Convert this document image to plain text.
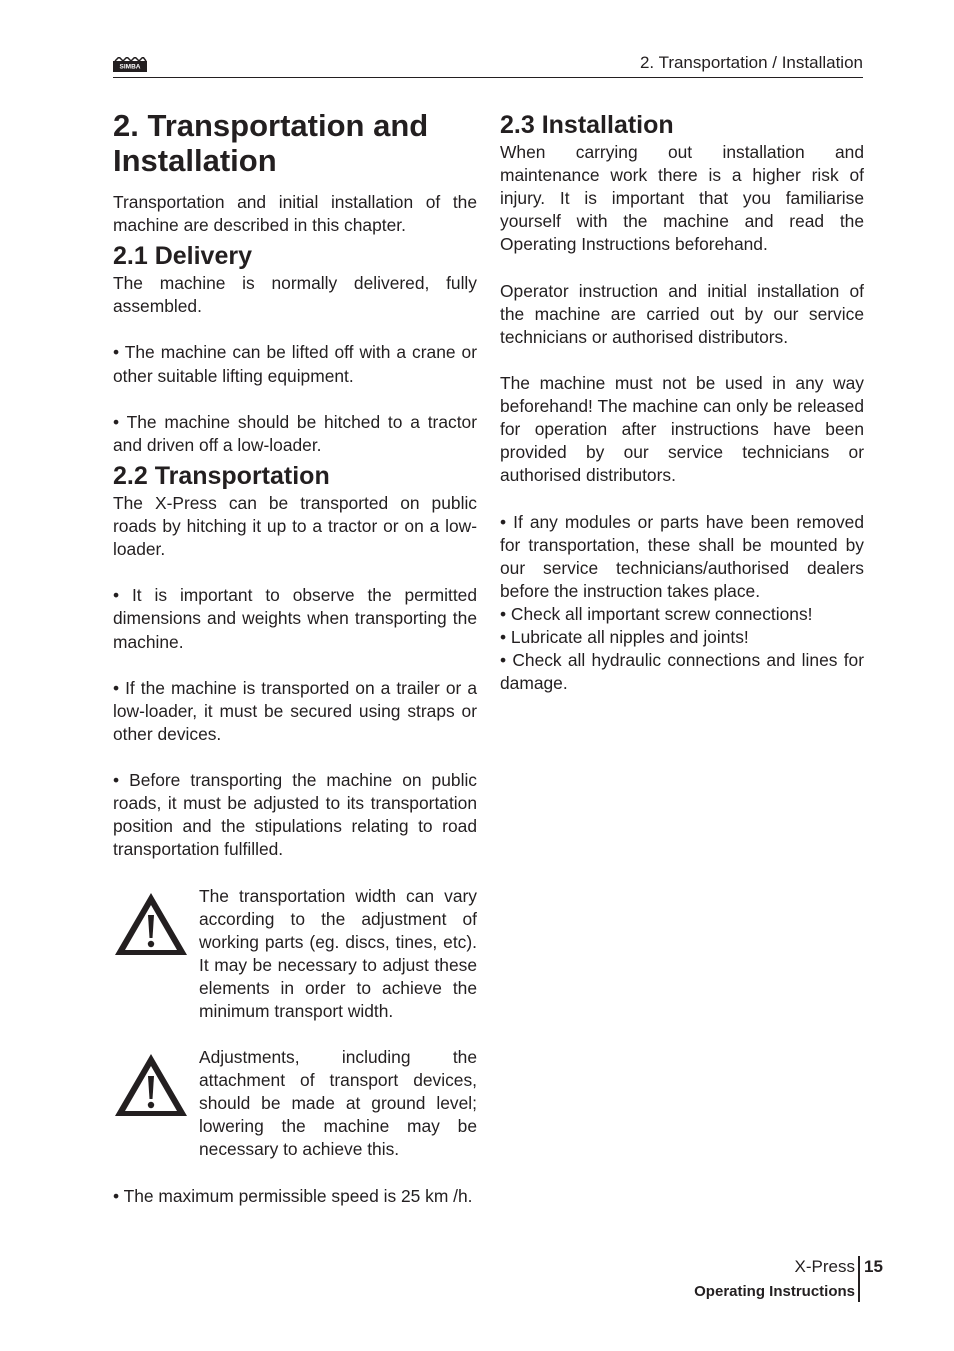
SIMBA	2. Transportation / Installation
2. Transportation and Installation

Transportation and initial installation of the machine are described in this chapter.

2.1 Delivery

The machine is normally delivered, fully assembled.

• The machine can be lifted off with a crane or other suitable lifting equipment.

• The machine should be hitched to a tractor and driven off a low-loader.

2.2 Transportation

The X-Press can be transported on public roads by hitching it up to a tractor or on a low-loader.

• It is important to observe the permitted dimensions and weights when transporting the machine.

• If the machine is transported on a trailer or a low-loader, it must be secured using straps or other devices.

• Before transporting the machine on public roads, it must be adjusted to its transportation position and the stipulations relating to road transportation fulfilled.

The transportation width can vary according to the adjustment of working parts (eg. discs, tines, etc). It may be necessary to adjust these elements in order to achieve the minimum transport width.

Adjustments, including the attachment of transport devices, should be made at ground level; lowering the machine may be necessary to achieve this.

• The maximum permissible speed is 25 km /h.

2.3 Installation

When carrying out installation and maintenance work there is a higher risk of injury. It is important that you familiarise yourself with the machine and read the Operating Instructions beforehand.

Operator instruction and initial installation of the machine are carried out by our service technicians or authorised distributors.

The machine must not be used in any way beforehand! The machine can only be released for operation after instructions have been provided by our service technicians or authorised distributors.

• If any modules or parts have been removed for transportation, these shall be mounted by our service technicians/authorised dealers before the instruction takes place.

• Check all important screw connections!

• Lubricate all nipples and joints!

• Check all hydraulic connections and lines for damage.

X-Press
Operating Instructions
15
